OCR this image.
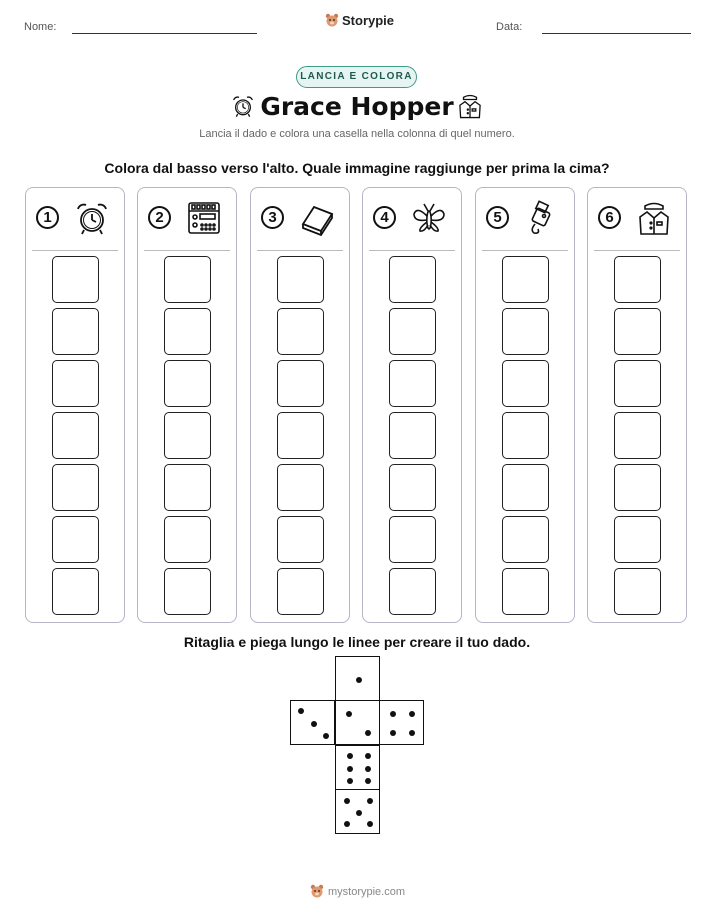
Nome:	Storypie	Data:
LANCIA E COLORA
Grace Hopper
Lancia il dado e colora una casella nella colonna di quel numero.
Colora dal basso verso l'alto. Quale immagine raggiunge per prima la cima?
1	2	3	4	5	6
Ritaglia e piega lungo le linee per creare il tuo dado.
mystorypie.com
